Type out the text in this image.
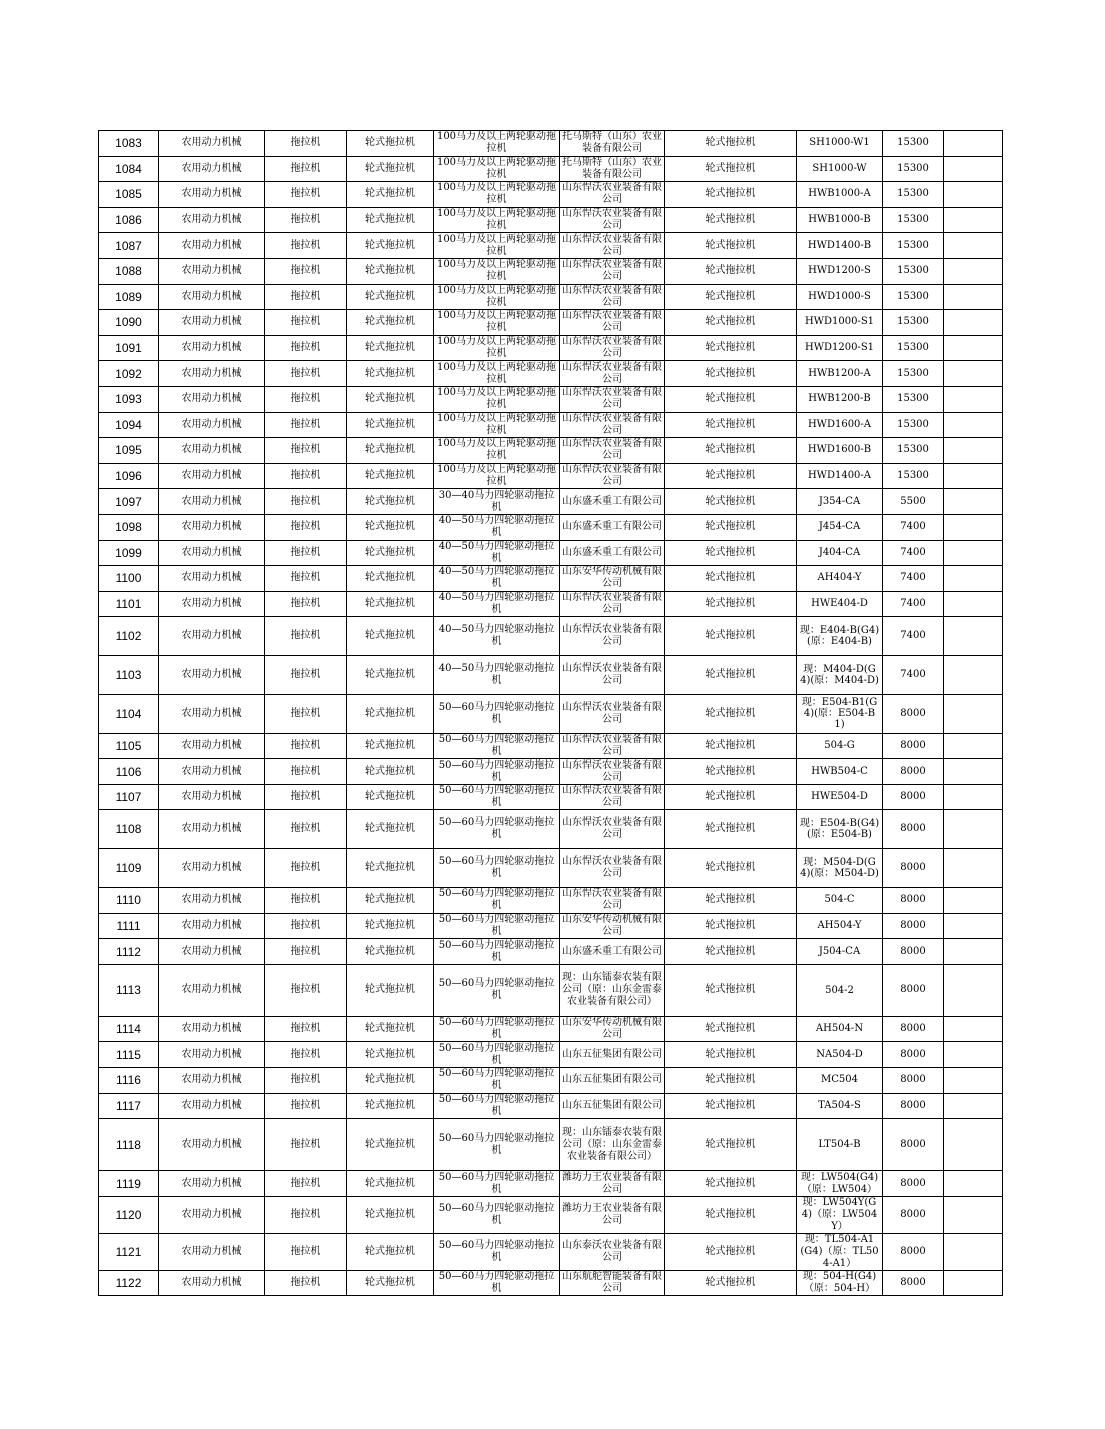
1083	农用动力机械	拖拉机	轮式拖拉机	100马力及以上两轮驱动拖拉机	托马斯特（山东）农业装备有限公司	轮式拖拉机	SH1000-W1	15300	
1084	农用动力机械	拖拉机	轮式拖拉机	100马力及以上两轮驱动拖拉机	托马斯特（山东）农业装备有限公司	轮式拖拉机	SH1000-W	15300	
1085	农用动力机械	拖拉机	轮式拖拉机	100马力及以上两轮驱动拖拉机	山东悍沃农业装备有限公司	轮式拖拉机	HWB1000-A	15300	
1086	农用动力机械	拖拉机	轮式拖拉机	100马力及以上两轮驱动拖拉机	山东悍沃农业装备有限公司	轮式拖拉机	HWB1000-B	15300	
1087	农用动力机械	拖拉机	轮式拖拉机	100马力及以上两轮驱动拖拉机	山东悍沃农业装备有限公司	轮式拖拉机	HWD1400-B	15300	
1088	农用动力机械	拖拉机	轮式拖拉机	100马力及以上两轮驱动拖拉机	山东悍沃农业装备有限公司	轮式拖拉机	HWD1200-S	15300	
1089	农用动力机械	拖拉机	轮式拖拉机	100马力及以上两轮驱动拖拉机	山东悍沃农业装备有限公司	轮式拖拉机	HWD1000-S	15300	
1090	农用动力机械	拖拉机	轮式拖拉机	100马力及以上两轮驱动拖拉机	山东悍沃农业装备有限公司	轮式拖拉机	HWD1000-S1	15300	
1091	农用动力机械	拖拉机	轮式拖拉机	100马力及以上两轮驱动拖拉机	山东悍沃农业装备有限公司	轮式拖拉机	HWD1200-S1	15300	
1092	农用动力机械	拖拉机	轮式拖拉机	100马力及以上两轮驱动拖拉机	山东悍沃农业装备有限公司	轮式拖拉机	HWB1200-A	15300	
1093	农用动力机械	拖拉机	轮式拖拉机	100马力及以上两轮驱动拖拉机	山东悍沃农业装备有限公司	轮式拖拉机	HWB1200-B	15300	
1094	农用动力机械	拖拉机	轮式拖拉机	100马力及以上两轮驱动拖拉机	山东悍沃农业装备有限公司	轮式拖拉机	HWD1600-A	15300	
1095	农用动力机械	拖拉机	轮式拖拉机	100马力及以上两轮驱动拖拉机	山东悍沃农业装备有限公司	轮式拖拉机	HWD1600-B	15300	
1096	农用动力机械	拖拉机	轮式拖拉机	100马力及以上两轮驱动拖拉机	山东悍沃农业装备有限公司	轮式拖拉机	HWD1400-A	15300	
1097	农用动力机械	拖拉机	轮式拖拉机	30—40马力四轮驱动拖拉机	山东盛禾重工有限公司	轮式拖拉机	J354-CA	5500	
1098	农用动力机械	拖拉机	轮式拖拉机	40—50马力四轮驱动拖拉机	山东盛禾重工有限公司	轮式拖拉机	J454-CA	7400	
1099	农用动力机械	拖拉机	轮式拖拉机	40—50马力四轮驱动拖拉机	山东盛禾重工有限公司	轮式拖拉机	J404-CA	7400	
1100	农用动力机械	拖拉机	轮式拖拉机	40—50马力四轮驱动拖拉机	山东安华传动机械有限公司	轮式拖拉机	AH404-Y	7400	
1101	农用动力机械	拖拉机	轮式拖拉机	40—50马力四轮驱动拖拉机	山东悍沃农业装备有限公司	轮式拖拉机	HWE404-D	7400	
1102	农用动力机械	拖拉机	轮式拖拉机	40—50马力四轮驱动拖拉机	山东悍沃农业装备有限公司	轮式拖拉机	现：E404-B(G4)(原：E404-B)	7400	
1103	农用动力机械	拖拉机	轮式拖拉机	40—50马力四轮驱动拖拉机	山东悍沃农业装备有限公司	轮式拖拉机	现：M404-D(G4)(原：M404-D)	7400	
1104	农用动力机械	拖拉机	轮式拖拉机	50—60马力四轮驱动拖拉机	山东悍沃农业装备有限公司	轮式拖拉机	现：E504-B1(G4)(原：E504-B1)	8000	
1105	农用动力机械	拖拉机	轮式拖拉机	50—60马力四轮驱动拖拉机	山东悍沃农业装备有限公司	轮式拖拉机	504-G	8000	
1106	农用动力机械	拖拉机	轮式拖拉机	50—60马力四轮驱动拖拉机	山东悍沃农业装备有限公司	轮式拖拉机	HWB504-C	8000	
1107	农用动力机械	拖拉机	轮式拖拉机	50—60马力四轮驱动拖拉机	山东悍沃农业装备有限公司	轮式拖拉机	HWE504-D	8000	
1108	农用动力机械	拖拉机	轮式拖拉机	50—60马力四轮驱动拖拉机	山东悍沃农业装备有限公司	轮式拖拉机	现：E504-B(G4)(原：E504-B)	8000	
1109	农用动力机械	拖拉机	轮式拖拉机	50—60马力四轮驱动拖拉机	山东悍沃农业装备有限公司	轮式拖拉机	现：M504-D(G4)(原：M504-D)	8000	
1110	农用动力机械	拖拉机	轮式拖拉机	50—60马力四轮驱动拖拉机	山东悍沃农业装备有限公司	轮式拖拉机	504-C	8000	
1111	农用动力机械	拖拉机	轮式拖拉机	50—60马力四轮驱动拖拉机	山东安华传动机械有限公司	轮式拖拉机	AH504-Y	8000	
1112	农用动力机械	拖拉机	轮式拖拉机	50—60马力四轮驱动拖拉机	山东盛禾重工有限公司	轮式拖拉机	J504-CA	8000	
1113	农用动力机械	拖拉机	轮式拖拉机	50—60马力四轮驱动拖拉机	现：山东镭泰农装有限公司（原：山东金雷泰农业装备有限公司）	轮式拖拉机	504-2	8000	
1114	农用动力机械	拖拉机	轮式拖拉机	50—60马力四轮驱动拖拉机	山东安华传动机械有限公司	轮式拖拉机	AH504-N	8000	
1115	农用动力机械	拖拉机	轮式拖拉机	50—60马力四轮驱动拖拉机	山东五征集团有限公司	轮式拖拉机	NA504-D	8000	
1116	农用动力机械	拖拉机	轮式拖拉机	50—60马力四轮驱动拖拉机	山东五征集团有限公司	轮式拖拉机	MC504	8000	
1117	农用动力机械	拖拉机	轮式拖拉机	50—60马力四轮驱动拖拉机	山东五征集团有限公司	轮式拖拉机	TA504-S	8000	
1118	农用动力机械	拖拉机	轮式拖拉机	50—60马力四轮驱动拖拉机	现：山东镭泰农装有限公司（原：山东金雷泰农业装备有限公司）	轮式拖拉机	LT504-B	8000	
1119	农用动力机械	拖拉机	轮式拖拉机	50—60马力四轮驱动拖拉机	潍坊力王农业装备有限公司	轮式拖拉机	现：LW504(G4)（原：LW504）	8000	
1120	农用动力机械	拖拉机	轮式拖拉机	50—60马力四轮驱动拖拉机	潍坊力王农业装备有限公司	轮式拖拉机	现：LW504Y(G4)（原：LW504Y）	8000	
1121	农用动力机械	拖拉机	轮式拖拉机	50—60马力四轮驱动拖拉机	山东泰沃农业装备有限公司	轮式拖拉机	现：TL504-A1(G4)（原：TL504-A1）	8000	
1122	农用动力机械	拖拉机	轮式拖拉机	50—60马力四轮驱动拖拉机	山东航舵智能装备有限公司	轮式拖拉机	现：504-H(G4)（原：504-H）	8000	
